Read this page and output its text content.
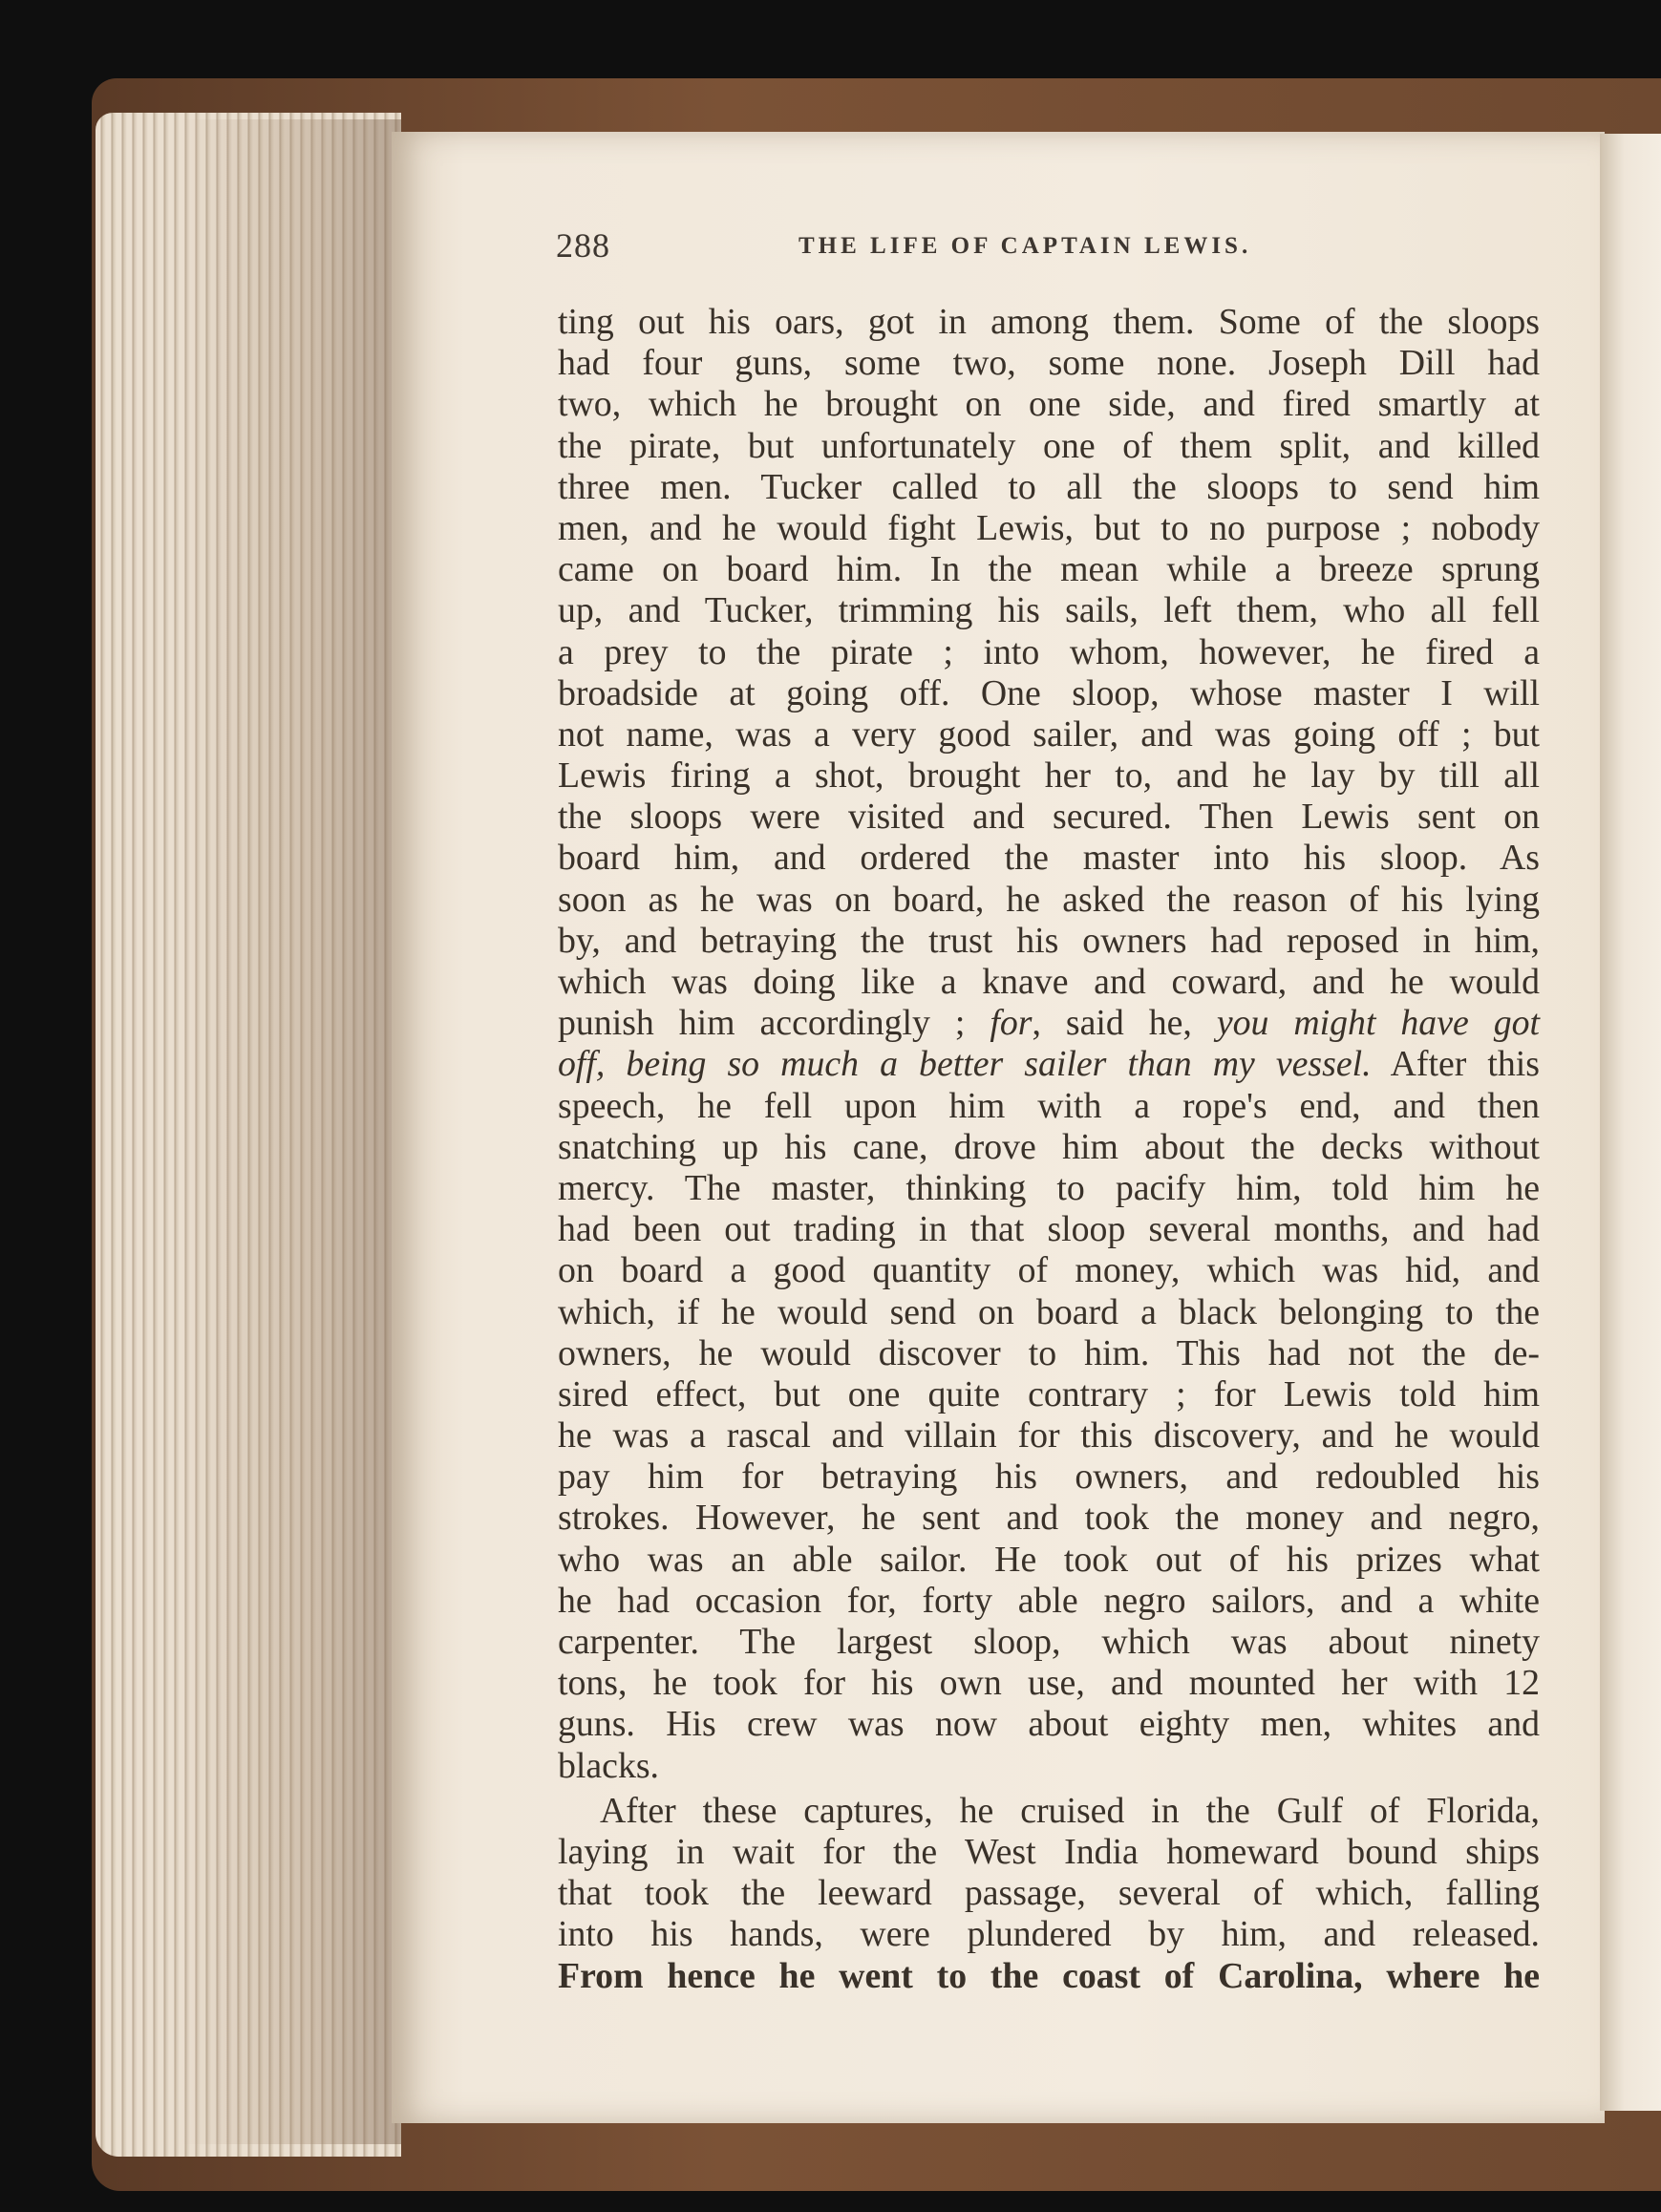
288	THE LIFE OF CAPTAIN LEWIS.
ting out his oars, got in among them. Some of the sloops
had four guns, some two, some none. Joseph Dill had
two, which he brought on one side, and fired smartly at
the pirate, but unfortunately one of them split, and killed
three men. Tucker called to all the sloops to send him
men, and he would fight Lewis, but to no purpose ; nobody
came on board him. In the mean while a breeze sprung
up, and Tucker, trimming his sails, left them, who all fell
a prey to the pirate ; into whom, however, he fired a
broadside at going off. One sloop, whose master I will
not name, was a very good sailer, and was going off ; but
Lewis firing a shot, brought her to, and he lay by till all
the sloops were visited and secured. Then Lewis sent on
board him, and ordered the master into his sloop. As
soon as he was on board, he asked the reason of his lying
by, and betraying the trust his owners had reposed in him,
which was doing like a knave and coward, and he would
punish him accordingly ; for, said he, you might have got
off, being so much a better sailer than my vessel. After this
speech, he fell upon him with a rope's end, and then
snatching up his cane, drove him about the decks without
mercy. The master, thinking to pacify him, told him he
had been out trading in that sloop several months, and had
on board a good quantity of money, which was hid, and
which, if he would send on board a black belonging to the
owners, he would discover to him. This had not the de-
sired effect, but one quite contrary ; for Lewis told him
he was a rascal and villain for this discovery, and he would
pay him for betraying his owners, and redoubled his
strokes. However, he sent and took the money and negro,
who was an able sailor. He took out of his prizes what
he had occasion for, forty able negro sailors, and a white
carpenter. The largest sloop, which was about ninety
tons, he took for his own use, and mounted her with 12
guns. His crew was now about eighty men, whites and
blacks.
After these captures, he cruised in the Gulf of Florida,
laying in wait for the West India homeward bound ships
that took the leeward passage, several of which, falling
into his hands, were plundered by him, and released.
From hence he went to the coast of Carolina, where he
